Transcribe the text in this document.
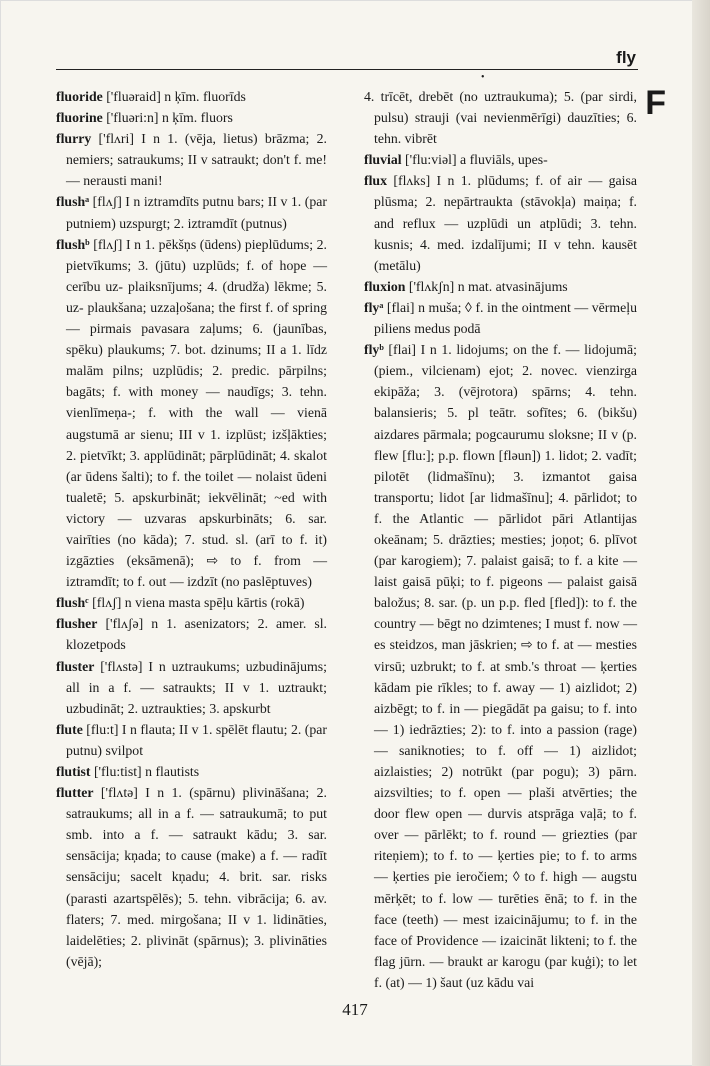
fly
•
F
fluoride ['fluəraid] n ķīm. fluorīds
fluorine ['fluəri:n] n ķīm. fluors
flurry ['flʌri] I n 1. (vēja, lietus) brāzma; 2. nemiers; satraukums; II v satraukt; don't f. me! — nerausti mani!
flushᵃ [flʌʃ] I n iztramdīts putnu bars; II v 1. (par putniem) uzspurgt; 2. iztramdīt (putnus)
flushᵇ [flʌʃ] I n 1. pēkšņs (ūdens) pieplūdums; 2. pietvīkums; 3. (jūtu) uzplūds; f. of hope — cerību uz- plaiksnījums; 4. (drudža) lēkme; 5. uz- plaukšana; uzzaļošana; the first f. of spring — pirmais pavasara zaļums; 6. (jaunības, spēku) plaukums; 7. bot. dzinums; II a 1. līdz malām pilns; uzplūdis; 2. predic. pārpilns; bagāts; f. with money — naudīgs; 3. tehn. vienlīmeņa-; f. with the wall — vienā augstumā ar sienu; III v 1. izplūst; izšļākties; 2. pietvīkt; 3. applūdināt; pārplūdināt; 4. skalot (ar ūdens šalti); to f. the toilet — nolaist ūdeni tualetē; 5. apskurbināt; iekvēlināt; ~ed with victory — uzvaras apskurbināts; 6. sar. vairīties (no kāda); 7. stud. sl. (arī to f. it) izgāzties (eksāmenā); ⇨ to f. from — iztramdīt; to f. out — izdzīt (no paslēptuves)
flushᶜ [flʌʃ] n viena masta spēļu kārtis (rokā)
flusher ['flʌʃə] n 1. asenizators; 2. amer. sl. klozetpods
fluster ['flʌstə] I n uztraukums; uzbudinājums; all in a f. — satraukts; II v 1. uztraukt; uzbudināt; 2. uztraukties; 3. apskurbt
flute [flu:t] I n flauta; II v 1. spēlēt flautu; 2. (par putnu) svilpot
flutist ['flu:tist] n flautists
flutter ['flʌtə] I n 1. (spārnu) plivināšana; 2. satraukums; all in a f. — satraukumā; to put smb. into a f. — satraukt kādu; 3. sar. sensācija; kņada; to cause (make) a f. — radīt sensāciju; sacelt kņadu; 4. brit. sar. risks (parasti azartspēlēs); 5. tehn. vibrācija; 6. av. flaters; 7. med. mirgošana; II v 1. lidināties, laidelēties; 2. plivināt (spārnus); 3. plivināties (vējā);
4. trīcēt, drebēt (no uztraukuma); 5. (par sirdi, pulsu) strauji (vai nevienmērīgi) dauzīties; 6. tehn. vibrēt
fluvial ['flu:viəl] a fluviāls, upes-
flux [flʌks] I n 1. plūdums; f. of air — gaisa plūsma; 2. nepārtraukta (stāvokļa) maiņa; f. and reflux — uzplūdi un atplūdi; 3. tehn. kusnis; 4. med. izdalījumi; II v tehn. kausēt (metālu)
fluxion ['flʌkʃn] n mat. atvasinājums
flyᵃ [flai] n muša; ◊ f. in the ointment — vērmeļu piliens medus podā
flyᵇ [flai] I n 1. lidojums; on the f. — lidojumā; (piem., vilcienam) ejot; 2. novec. vienzirga ekipāža; 3. (vējrotora) spārns; 4. tehn. balansieris; 5. pl teātr. sofītes; 6. (bikšu) aizdares pārmala; pogcaurumu sloksne; II v (p. flew [flu:]; p.p. flown [fləun]) 1. lidot; 2. vadīt; pilotēt (lidmašīnu); 3. izmantot gaisa transportu; lidot [ar lidmašīnu]; 4. pārlidot; to f. the Atlantic — pārlidot pāri Atlantijas okeānam; 5. drāzties; mesties; joņot; 6. plīvot (par karogiem); 7. palaist gaisā; to f. a kite — laist gaisā pūķi; to f. pigeons — palaist gaisā baložus; 8. sar. (p. un p.p. fled [fled]): to f. the country — bēgt no dzimtenes; I must f. now — es steidzos, man jāskrien; ⇨ to f. at — mesties virsū; uzbrukt; to f. at smb.'s throat — ķerties kādam pie rīkles; to f. away — 1) aizlidot; 2) aizbēgt; to f. in — piegādāt pa gaisu; to f. into — 1) iedrāzties; 2): to f. into a passion (rage) — saniknoties; to f. off — 1) aizlidot; aizlaisties; 2) notrūkt (par pogu); 3) pārn. aizsvilties; to f. open — plaši atvērties; the door flew open — durvis atsprāga vaļā; to f. over — pārlēkt; to f. round — griezties (par riteņiem); to f. to — ķerties pie; to f. to arms — ķerties pie ieročiem; ◊ to f. high — augstu mērķēt; to f. low — turēties ēnā; to f. in the face (teeth) — mest izaicinājumu; to f. in the face of Providence — izaicināt likteni; to f. the flag jūrn. — braukt ar karogu (par kuģi); to let f. (at) — 1) šaut (uz kādu vai
417
